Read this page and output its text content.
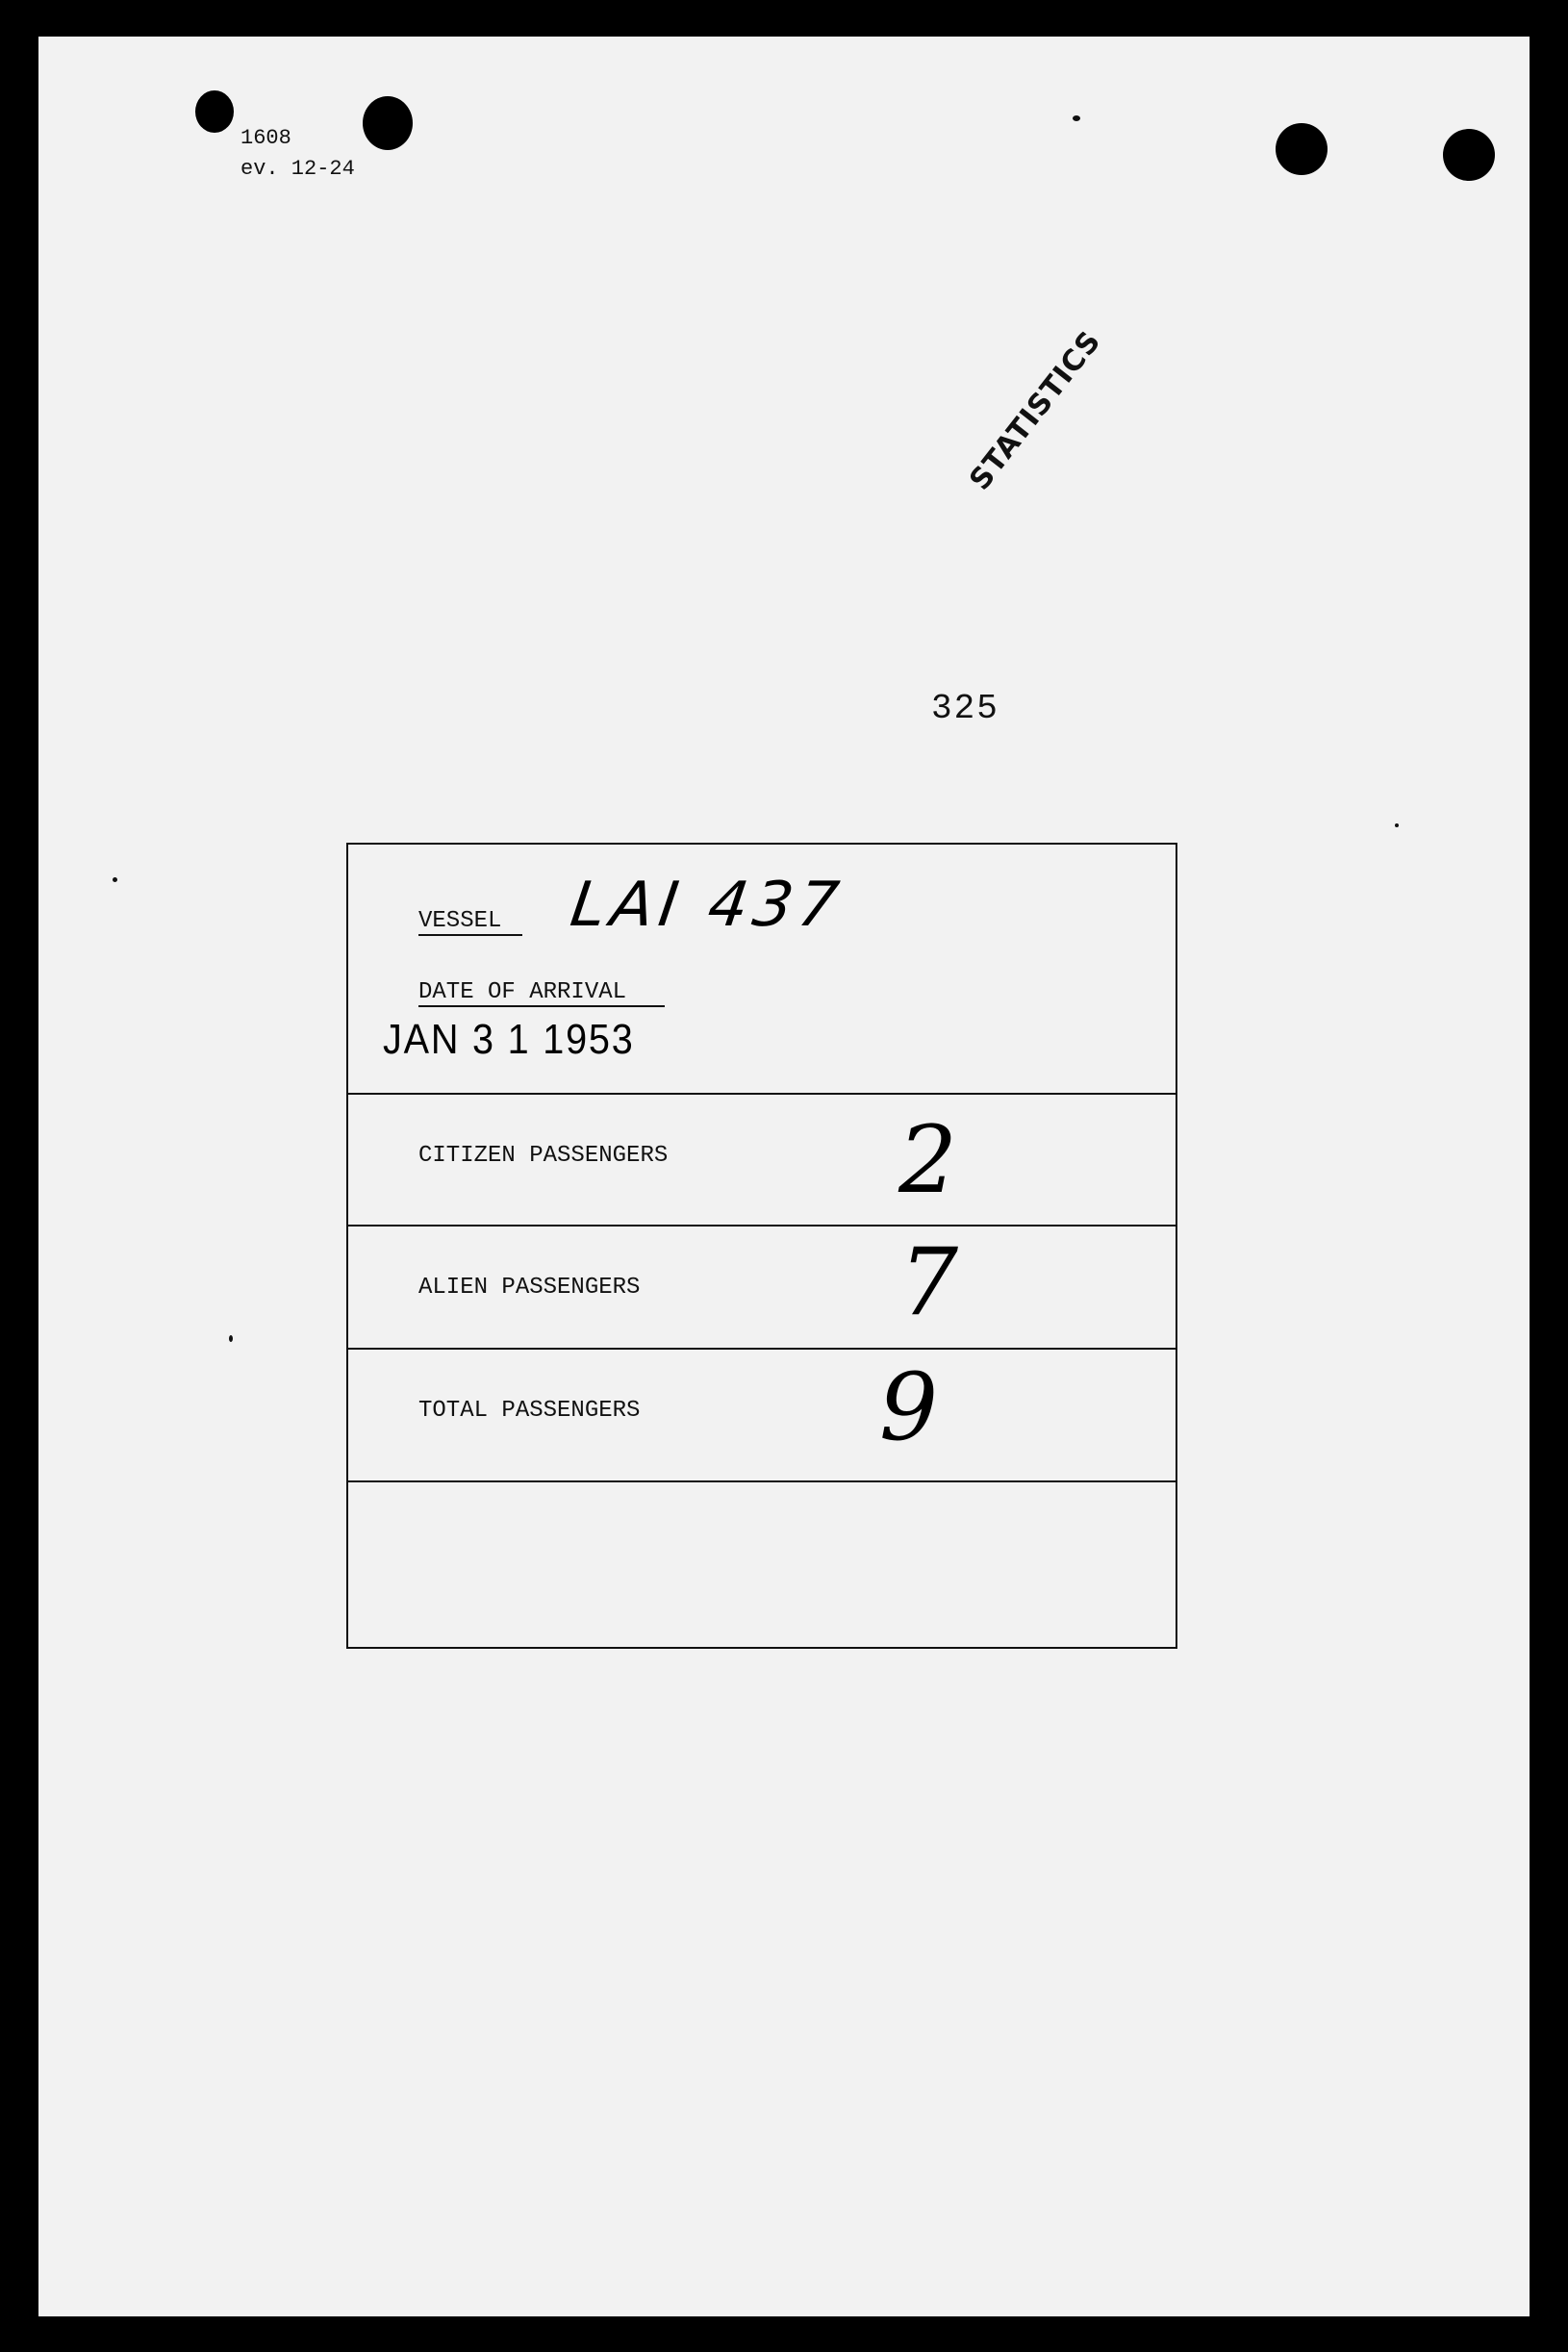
1608
ev. 12-24
STATISTICS
325
VESSEL	LAI 437
DATE OF ARRIVAL
JAN 3 1 1953
CITIZEN PASSENGERS 2
ALIEN PASSENGERS	7
TOTAL PASSENGERS	9
